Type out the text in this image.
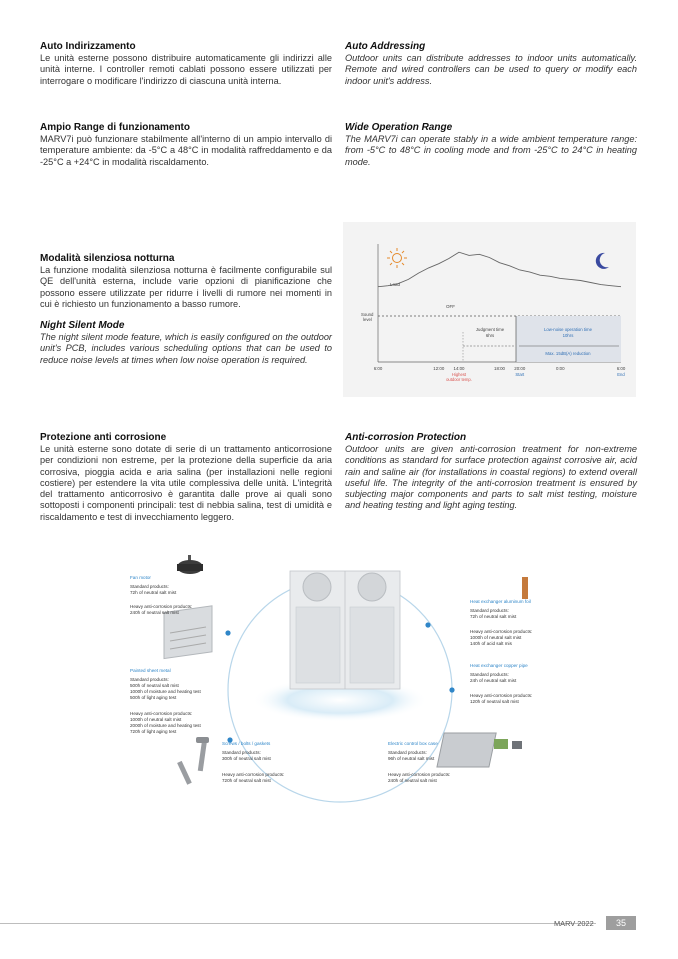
Auto Indirizzamento
Le unità esterne possono distribuire automaticamente gli indirizzi alle unità interne. I controller remoti cablati possono essere utilizzati per interrogare o modificare l'indirizzo di ciascuna unità interna.
Auto Addressing
Outdoor units can distribute addresses to indoor units automatically. Remote and wired controllers can be used to query or modify each indoor unit's address.
Ampio Range di funzionamento
MARV7i può funzionare stabilmente all'interno di un ampio intervallo di temperature ambiente: da -5°C a 48°C in modalità raffreddamento e da -25°C a +24°C in modalità riscaldamento.
Wide Operation Range
The MARV7i can operate stably in a wide ambient temperature range: from -5°C to 48°C in cooling mode and from -25°C to 24°C in heating mode.
Modalità silenziosa notturna
La funzione modalità silenziosa notturna è facilmente configurabile sul QE dell'unità esterna, include varie opzioni di pianificazione che possono essere utilizzate per ridurre i livelli di rumore nei momenti in cui è richiesto un funzionamento a basso rumore.
Night Silent Mode
The night silent mode feature, which is easily configured on the outdoor unit's PCB, includes various scheduling options that can be used to reduce noise levels at times when low noise operation is required.
Protezione anti corrosione
Le unità esterne sono dotate di serie di un trattamento anticorrosione per condizioni non estreme, per la protezione della superficie da aria corrosiva, pioggia acida e aria salina (per installazioni nelle regioni costiere) per estendere la vita utile complessiva delle unità. L'integrità del trattamento anticorrosivo è garantita dalle prove ai quali sono sottoposti i componenti principali: test di nebbia salina, test di umidità e riscaldamento e test di invecchiamento leggero.
Anti-corrosion Protection
Outdoor units are given anti-corrosion treatment for non-extreme conditions as standard for surface protection against corrosive air, acid rain and saline air (for installations in coastal regions) to extend overall useful life. The integrity of the anti-corrosion treatment is ensured by subjecting major components and parts to salt mist testing, moisture and heating testing and light aging testing.
Load
OFF
Sound
level
Judgment time
6hrs
Low-noise operation time
10hrs
Max. 15dB(A) reduction
6:00	12:00 14:00	18:00 20:00	0:00	6:00
Highest
outdoor temp.
Start	End
Fan motor
Standard products:
72h of neutral salt mist
Heavy anti-corrosion products:
240h of neutral salt mist
Painted sheet metal
Standard products:
500h of neutral salt mist
1000h of moisture and heating test
500h of light aging test
Heavy anti-corrosion products:
1000h of neutral salt mist
2000h of moisture and heating test
720h of light aging test
Screws / bolts / gaskets
Standard products:
300h of neutral salt mist
Heavy anti-corrosion products:
720h of neutral salt mist
Electric control box case
Standard products:
96h of neutral salt mist
Heavy anti-corrosion products:
240h of neutral salt mist
Heat exchanger aluminum foil
Standard products:
72h of neutral salt mist
Heavy anti-corrosion products:
1000h of neutral salt mist
140h of acid salt mis
Heat exchanger copper pipe
Standard products:
24h of neutral salt mist
Heavy anti-corrosion products:
120h of neutral salt mist
MARV 2022	35
